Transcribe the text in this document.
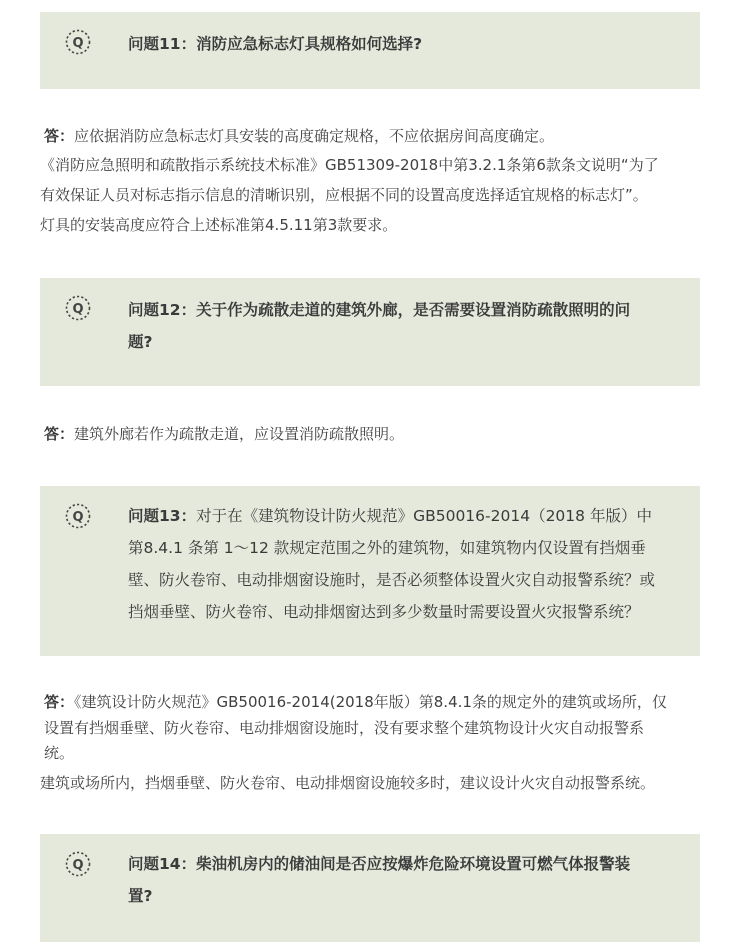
Q	问题11：消防应急标志灯具规格如何选择?
答：应依据消防应急标志灯具安装的高度确定规格，不应依据房间高度确定。
《消防应急照明和疏散指示系统技术标准》GB51309-2018中第3.2.1条第6款条文说明“为了
有效保证人员对标志指示信息的清晰识别，应根据不同的设置高度选择适宜规格的标志灯”。
灯具的安装高度应符合上述标准第4.5.11第3款要求。
Q	问题12：关于作为疏散走道的建筑外廊，是否需要设置消防疏散照明的问
题?
答：建筑外廊若作为疏散走道，应设置消防疏散照明。
Q	问题13：对于在《建筑物设计防火规范》GB50016-2014（2018 年版）中
第8.4.1 条第 1～12 款规定范围之外的建筑物，如建筑物内仅设置有挡烟垂
壁、防火卷帘、电动排烟窗设施时，是否必须整体设置火灾自动报警系统？或
挡烟垂壁、防火卷帘、电动排烟窗达到多少数量时需要设置火灾报警系统？
答：《建筑设计防火规范》GB50016-2014(2018年版）第8.4.1条的规定外的建筑或场所，仅
设置有挡烟垂壁、防火卷帘、电动排烟窗设施时，没有要求整个建筑物设计火灾自动报警系
统。
建筑或场所内，挡烟垂壁、防火卷帘、电动排烟窗设施较多时，建议设计火灾自动报警系统。
Q	问题14：柴油机房内的储油间是否应按爆炸危险环境设置可燃气体报警装
置?
